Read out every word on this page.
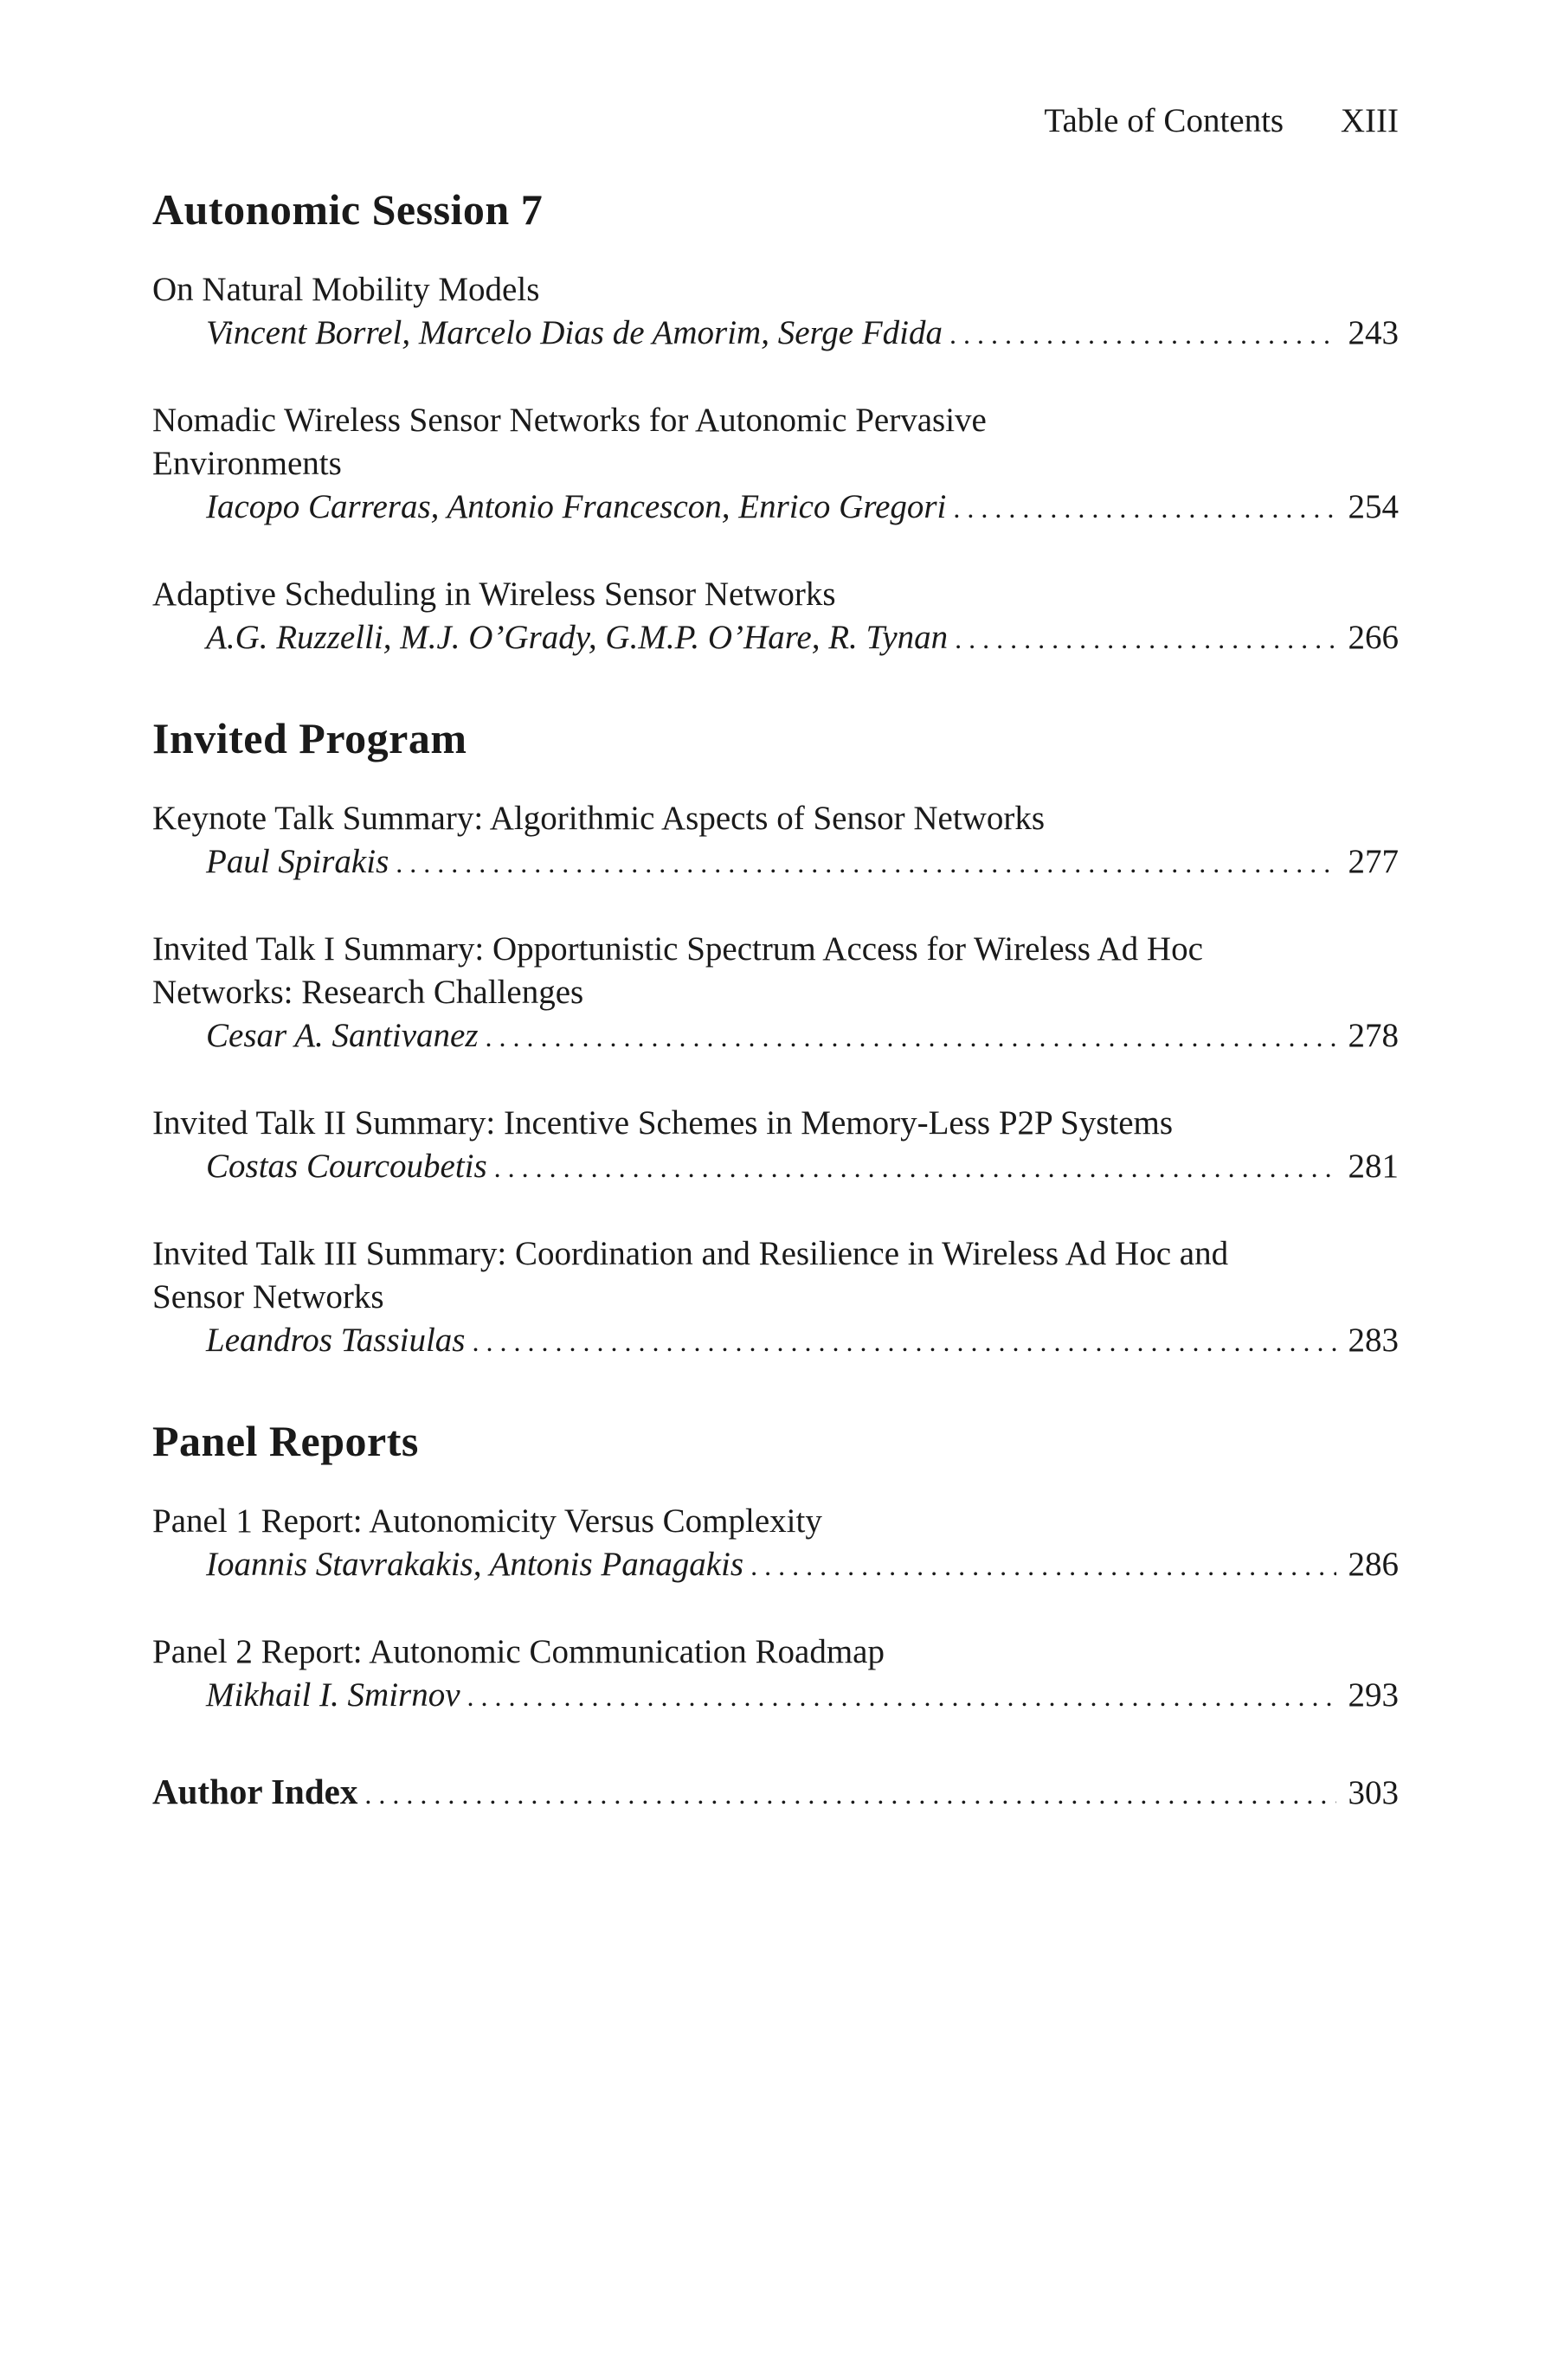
Table of Contents XIII
Autonomic Session 7

On Natural Mobility Models

Vincent Borrel, Marcelo Dias de Amorim, Serge Fdida . . .	243

Nomadic Wireless Sensor Networks for Autonomic Pervasive Environments

Iacopo Carreras, Antonio Francescon, Enrico Gregori . . .	254

Adaptive Scheduling in Wireless Sensor Networks

A.G. Ruzzelli, M.J. O’Grady, G.M.P. O’Hare, R. Tynan . . .	266
Invited Program

Keynote Talk Summary: Algorithmic Aspects of Sensor Networks

Paul Spirakis . . .	277

Invited Talk I Summary: Opportunistic Spectrum Access for Wireless Ad Hoc Networks: Research Challenges

Cesar A. Santivanez . . .	278

Invited Talk II Summary: Incentive Schemes in Memory-Less P2P Systems

Costas Courcoubetis . . .	281

Invited Talk III Summary: Coordination and Resilience in Wireless Ad Hoc and Sensor Networks

Leandros Tassiulas . . .	283
Panel Reports

Panel 1 Report: Autonomicity Versus Complexity

Ioannis Stavrakakis, Antonis Panagakis . . .	286

Panel 2 Report: Autonomic Communication Roadmap

Mikhail I. Smirnov . . .	293
Author Index . . .	303
